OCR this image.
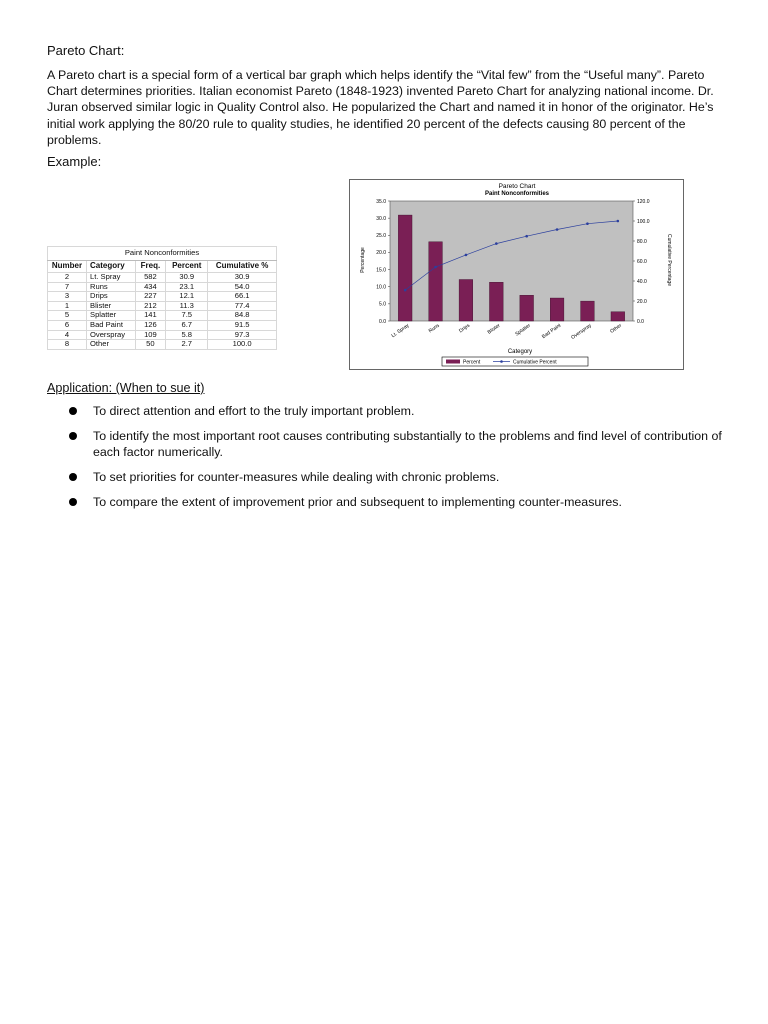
Pareto Chart:
A Pareto chart is a special form of a vertical bar graph which helps identify the “Vital few” from the “Useful many”. Pareto Chart determines priorities. Italian economist Pareto (1848-1923) invented Pareto Chart for analyzing national income. Dr. Juran observed similar logic in Quality Control also. He popularized the Chart and named it in honor of the originator. He’s initial work applying the 80/20 rule to quality studies, he identified 20 percent of the defects causing 80 percent of the problems.
Example:
Paint Nonconformities				
Number	Category	Freq.	Percent	Cumulative %
2	Lt. Spray	582	30.9	30.9
7	Runs	434	23.1	54.0
3	Drips	227	12.1	66.1
1	Blister	212	11.3	77.4
5	Splatter	141	7.5	84.8
6	Bad Paint	126	6.7	91.5
4	Overspray	109	5.8	97.3
8	Other	50	2.7	100.0
Pareto Chart
Paint Nonconformities
0.0
5.0
10.0
15.0
20.0
25.0
30.0
35.0
0.0
20.0
40.0
60.0
80.0
100.0
120.0
Lt. Spray	Runs	Drips	Blister	Splatter Bad Paint Overspray	Other
Percentage	Cumulative Percentage
Category
Percent	Cumulative Percent
Application: (When to sue it)
To direct attention and effort to the truly important problem.
To identify the most important root causes contributing substantially to the problems and find level of contribution of each factor numerically.
To set priorities for counter-measures while dealing with chronic problems.
To compare the extent of improvement prior and subsequent to implementing counter-measures.
